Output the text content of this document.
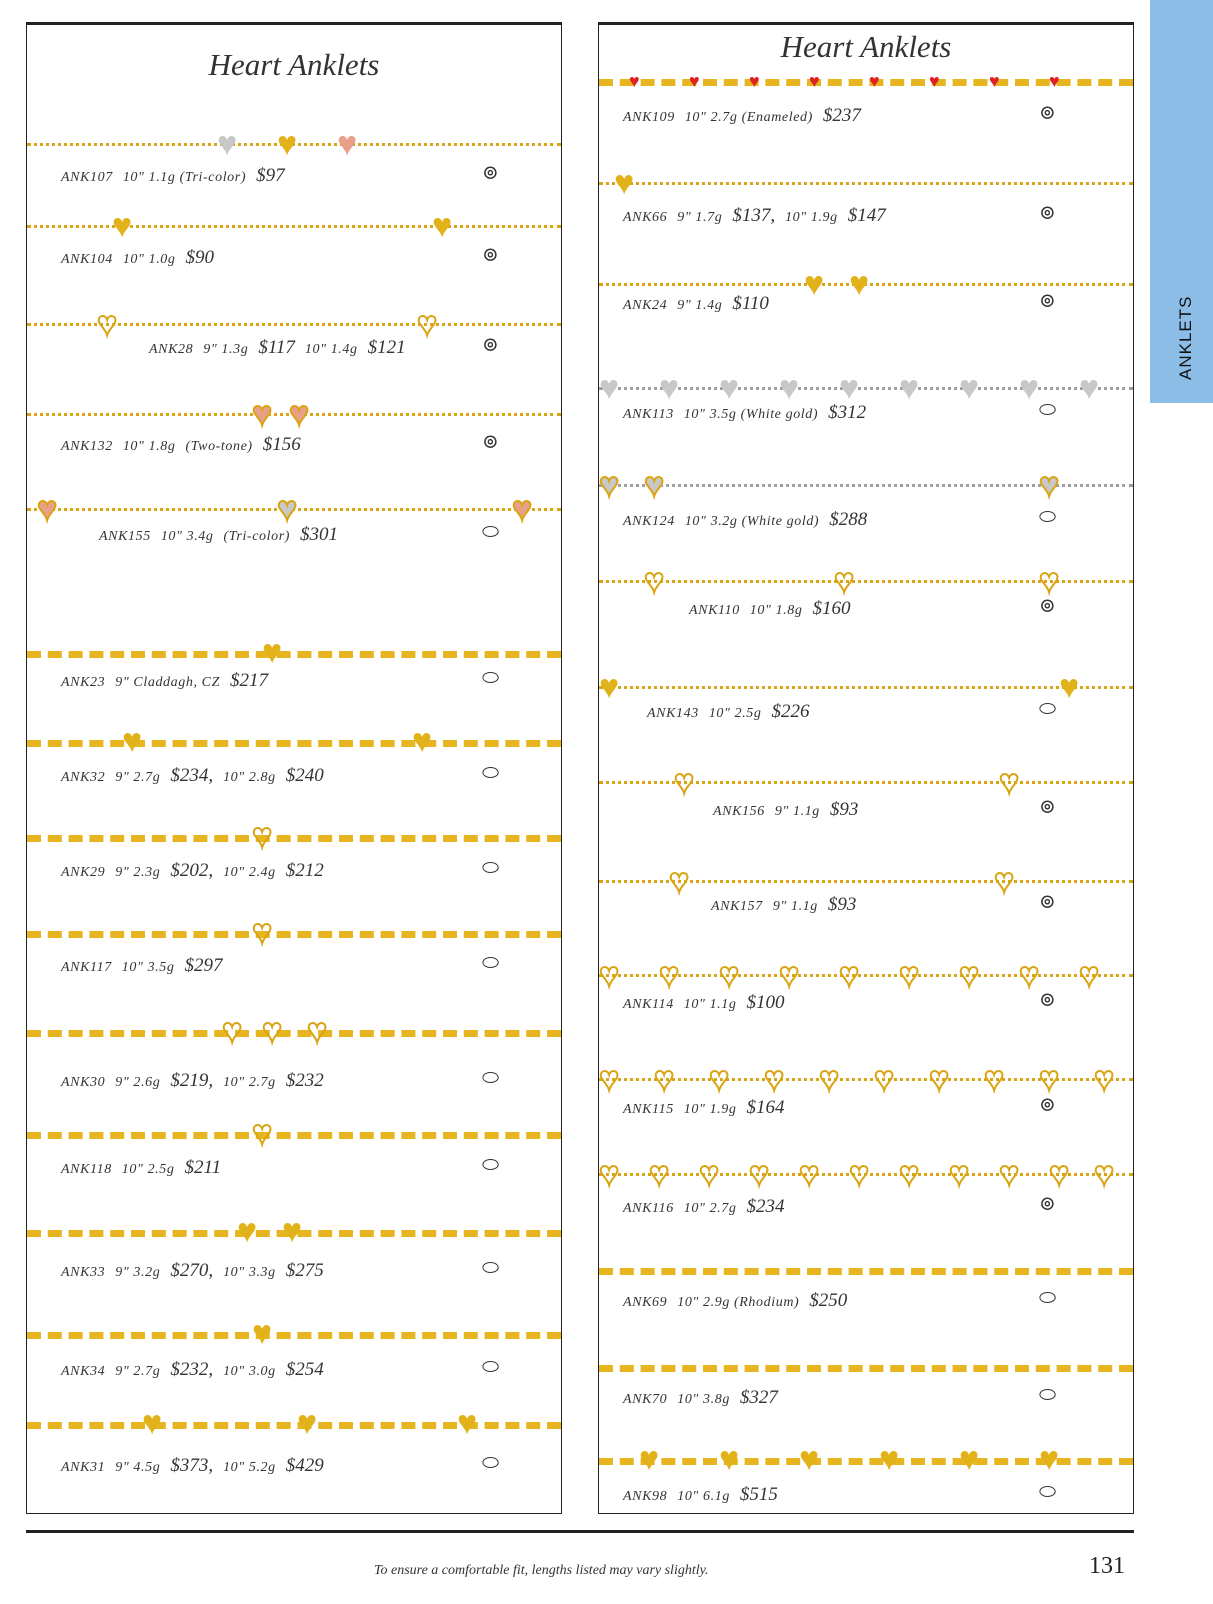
Heart Anklets
♥ ♥ ♥
ANK107 10" 1.1g (Tri-color) $97	⊚
♥	♥
ANK104 10" 1.0g $90	⊚
♥	♥
ANK28 9" 1.3g $117 10" 1.4g $121	⊚
♥ ♥
ANK132 10" 1.8g (Two-tone) $156	⊚
♥	♥	♥
ANK155 10" 3.4g (Tri-color) $301	⬭
♥
ANK23 9" Claddagh, CZ $217	⬭
♥	♥
ANK32 9" 2.7g $234, 10" 2.8g $240	⬭
♥
ANK29 9" 2.3g $202, 10" 2.4g $212	⬭
♥
ANK117 10" 3.5g $297	⬭
♥ ♥ ♥
ANK30 9" 2.6g $219, 10" 2.7g $232	⬭
♥
ANK118 10" 2.5g $211	⬭
♥ ♥
ANK33 9" 3.2g $270, 10" 3.3g $275	⬭
♥
ANK34 9" 2.7g $232, 10" 3.0g $254	⬭
♥	♥	♥
ANK31 9" 4.5g $373, 10" 5.2g $429	⬭
Heart Anklets
♥	♥	♥	♥	♥	♥	♥	♥
ANK109 10" 2.7g (Enameled) $237	⊚
♥
ANK66 9" 1.7g $137, 10" 1.9g $147	⊚
♥ ♥
ANK24 9" 1.4g $110	⊚
♥ ♥ ♥ ♥ ♥ ♥ ♥ ♥ ♥
ANK113 10" 3.5g (White gold) $312	⬭
♥ ♥	♥
ANK124 10" 3.2g (White gold) $288	⬭
♥	♥	♥
ANK110 10" 1.8g $160	⊚
♥	♥
ANK143 10" 2.5g $226	⬭
♥	♥
ANK156 9" 1.1g $93	⊚
♥	♥
ANK157 9" 1.1g $93	⊚
♥ ♥ ♥ ♥ ♥ ♥ ♥ ♥ ♥
ANK114 10" 1.1g $100	⊚
♥ ♥ ♥ ♥ ♥ ♥ ♥ ♥ ♥ ♥
ANK115 10" 1.9g $164	⊚
♥ ♥ ♥ ♥ ♥ ♥ ♥ ♥ ♥ ♥ ♥
ANK116 10" 2.7g $234	⊚
ANK69 10" 2.9g (Rhodium) $250	⬭
ANK70 10" 3.8g $327	⬭
♥ ♥ ♥ ♥ ♥ ♥
ANK98 10" 6.1g $515	⬭
ANKLETS
To ensure a comfortable fit, lengths listed may vary slightly.	131
